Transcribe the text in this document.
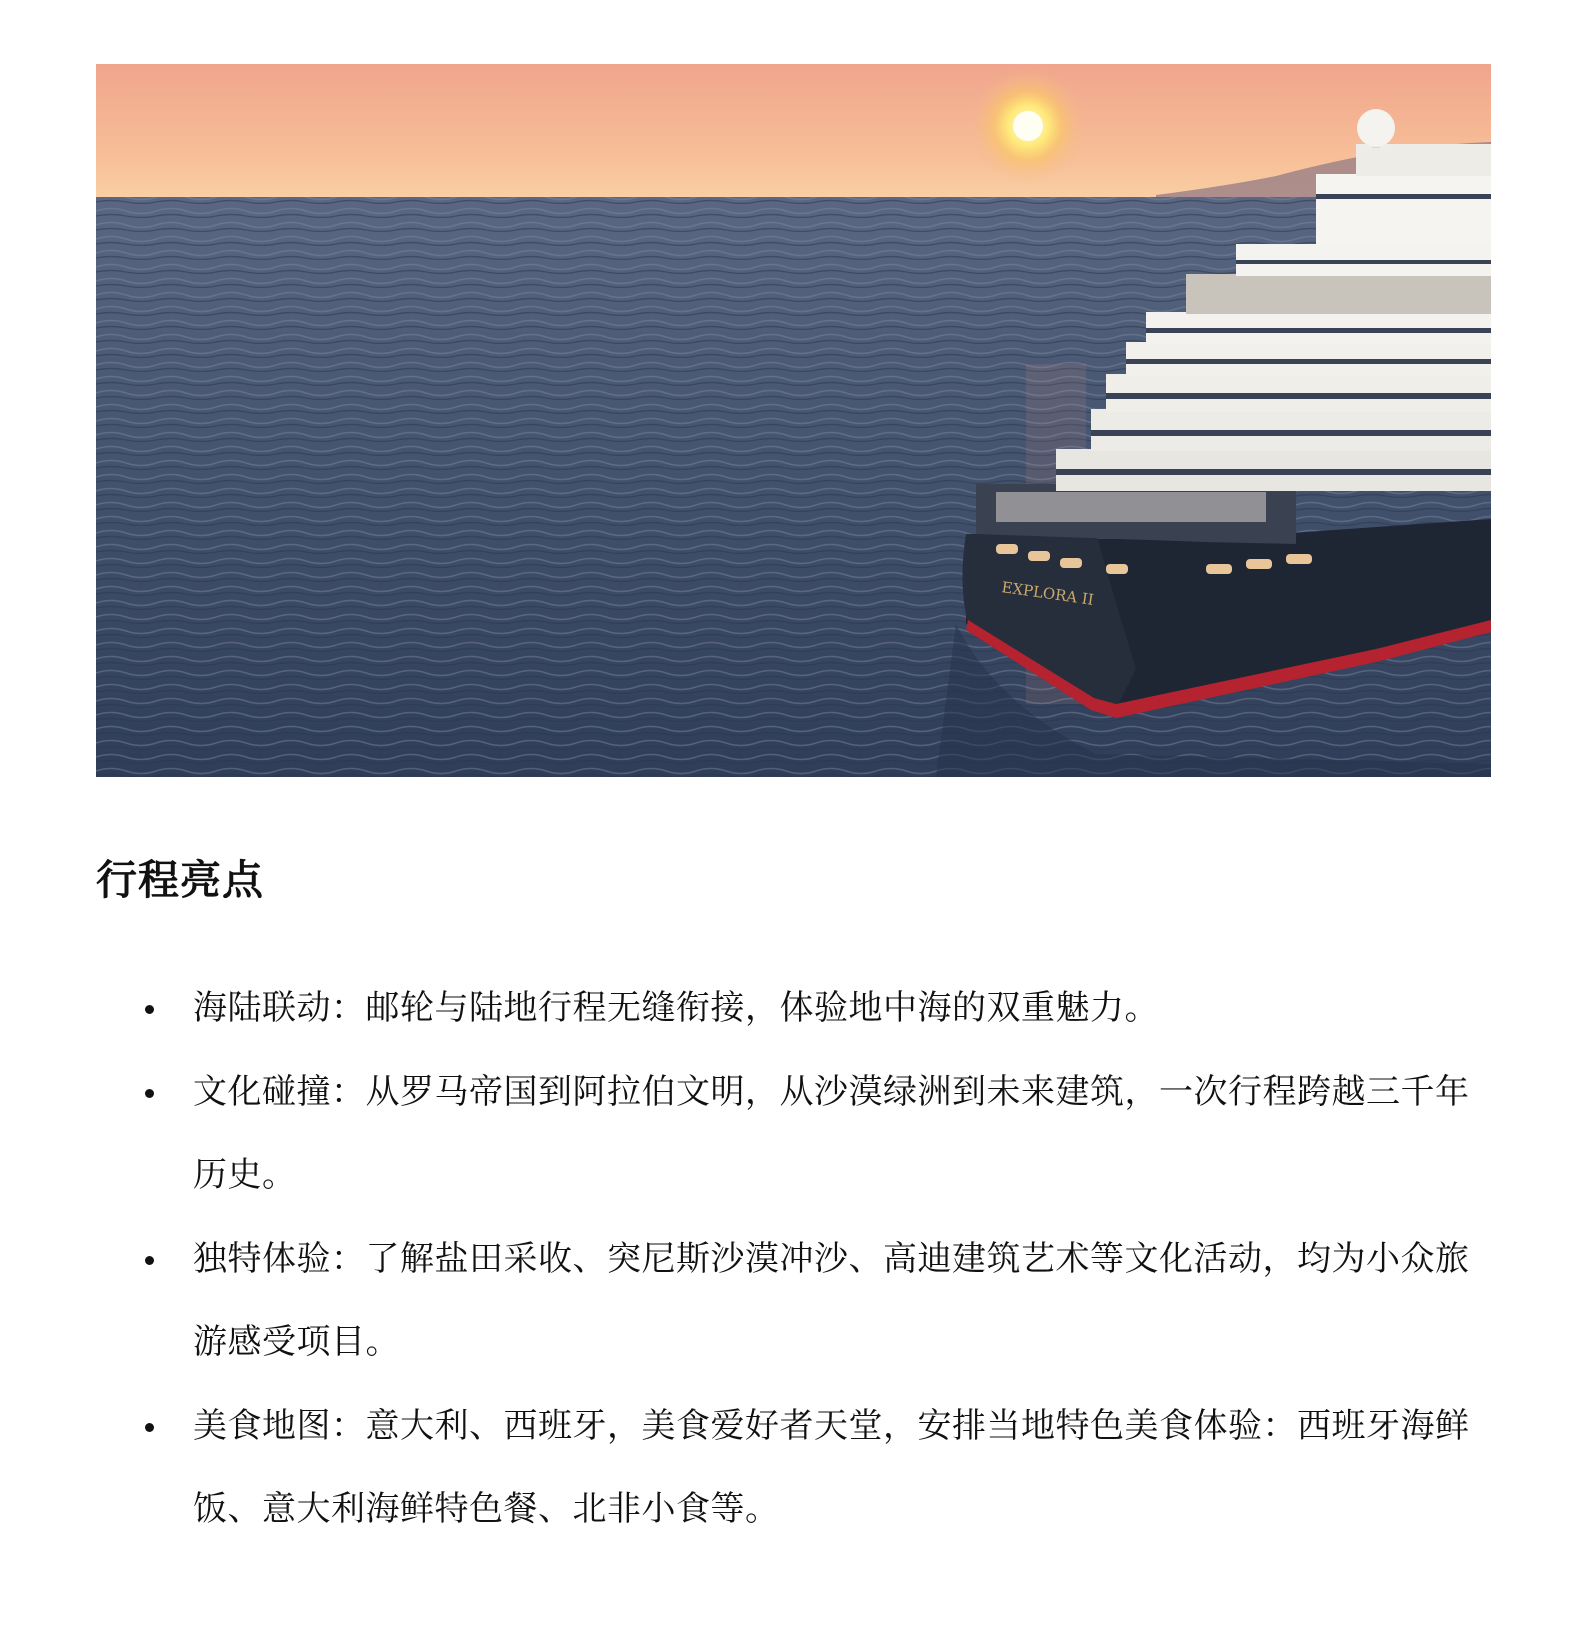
EXPLORA II
行程亮点
海陆联动：邮轮与陆地行程无缝衔接，体验地中海的双重魅力。
文化碰撞：从罗马帝国到阿拉伯文明，从沙漠绿洲到未来建筑，一次行程跨越三千年历史。
独特体验：了解盐田采收、突尼斯沙漠冲沙、高迪建筑艺术等文化活动，均为小众旅游感受项目。
美食地图：意大利、西班牙，美食爱好者天堂，安排当地特色美食体验：西班牙海鲜饭、意大利海鲜特色餐、北非小食等。
